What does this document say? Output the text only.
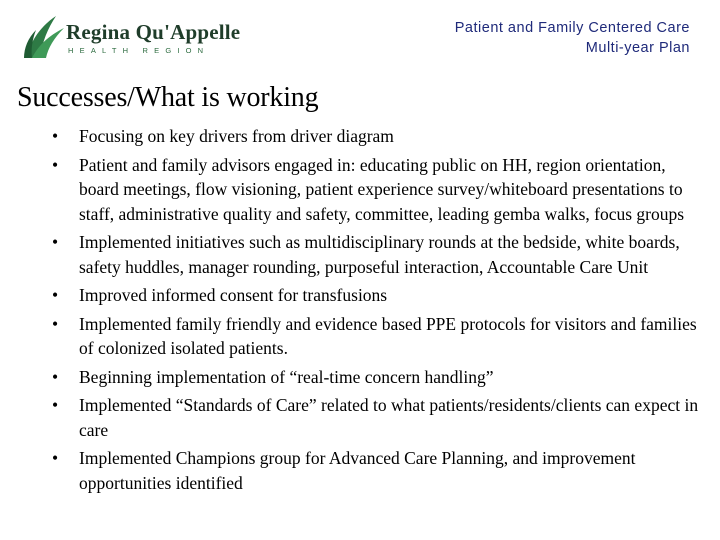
Regina Qu'Appelle
HEALTH REGION
Patient and Family Centered Care
Multi-year Plan
Successes/What is working
• Focusing on key drivers from driver diagram
• Patient and family advisors engaged in: educating public on HH, region orientation, board meetings, flow visioning, patient experience survey/whiteboard presentations to staff, administrative quality and safety, committee, leading gemba walks, focus groups
• Implemented initiatives such as multidisciplinary rounds at the bedside, white boards, safety huddles, manager rounding, purposeful interaction, Accountable Care Unit
• Improved informed consent for transfusions
• Implemented family friendly and evidence based PPE protocols for visitors and families of colonized isolated patients.
• Beginning implementation of “real-time concern handling”
• Implemented “Standards of Care” related to what patients/residents/clients can expect in care
• Implemented Champions group for Advanced Care Planning, and improvement opportunities identified
